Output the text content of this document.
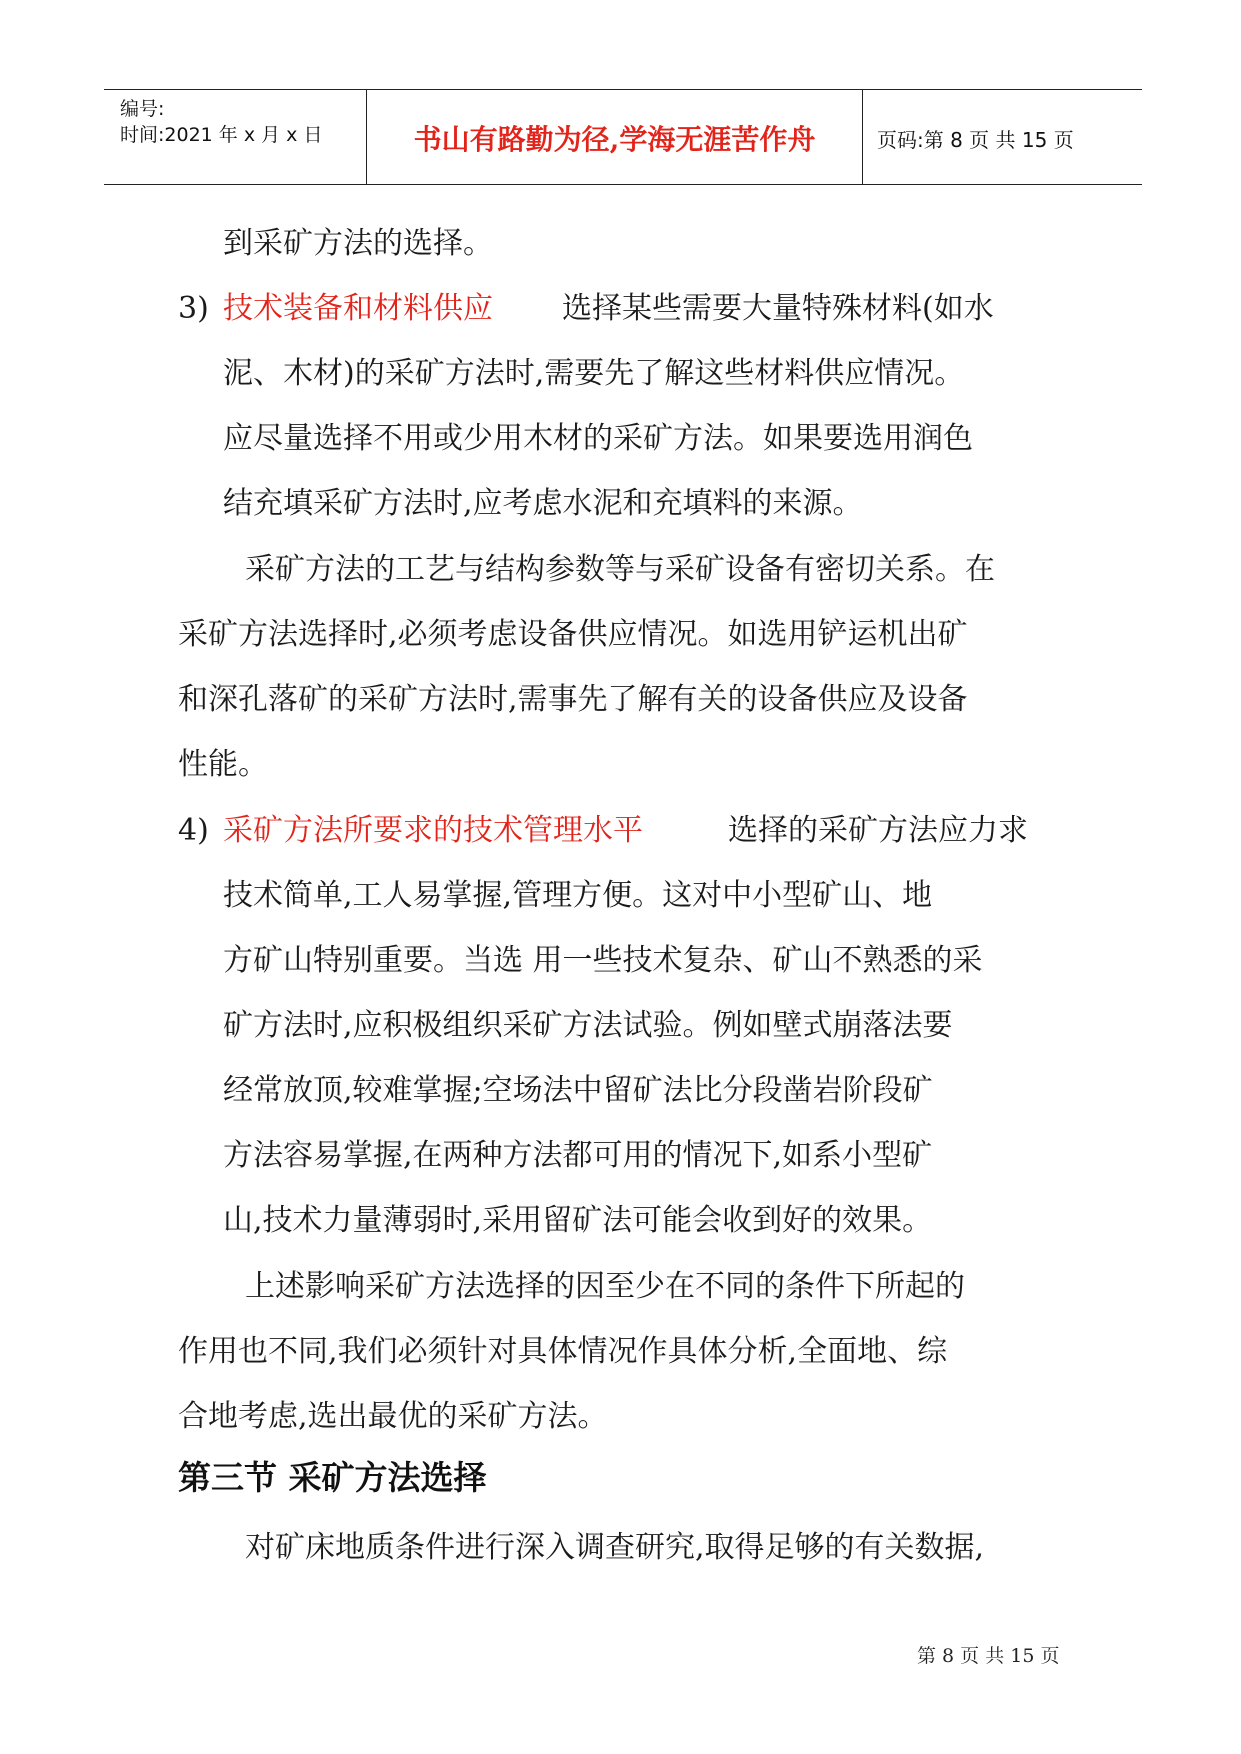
编号:
时间:2021 年 x 月 x 日	书山有路勤为径,学海无涯苦作舟	页码:第 8 页 共 15 页
到采矿方法的选择。
3) 技术装备和材料供应 选择某些需要大量特殊材料(如水
泥、木材)的采矿方法时,需要先了解这些材料供应情况。
应尽量选择不用或少用木材的采矿方法。如果要选用润色
结充填采矿方法时,应考虑水泥和充填料的来源。
采矿方法的工艺与结构参数等与采矿设备有密切关系。在
采矿方法选择时,必须考虑设备供应情况。如选用铲运机出矿
和深孔落矿的采矿方法时,需事先了解有关的设备供应及设备
性能。
4) 采矿方法所要求的技术管理水平	选择的采矿方法应力求
技术简单,工人易掌握,管理方便。这对中小型矿山、地
方矿山特别重要。当选 用一些技术复杂、矿山不熟悉的采
矿方法时,应积极组织采矿方法试验。例如壁式崩落法要
经常放顶,较难掌握;空场法中留矿法比分段凿岩阶段矿
方法容易掌握,在两种方法都可用的情况下,如系小型矿
山,技术力量薄弱时,采用留矿法可能会收到好的效果。
上述影响采矿方法选择的因至少在不同的条件下所起的
作用也不同,我们必须针对具体情况作具体分析,全面地、综
合地考虑,选出最优的采矿方法。
第三节 采矿方法选择
对矿床地质条件进行深入调查研究,取得足够的有关数据,
第 8 页 共 15 页
